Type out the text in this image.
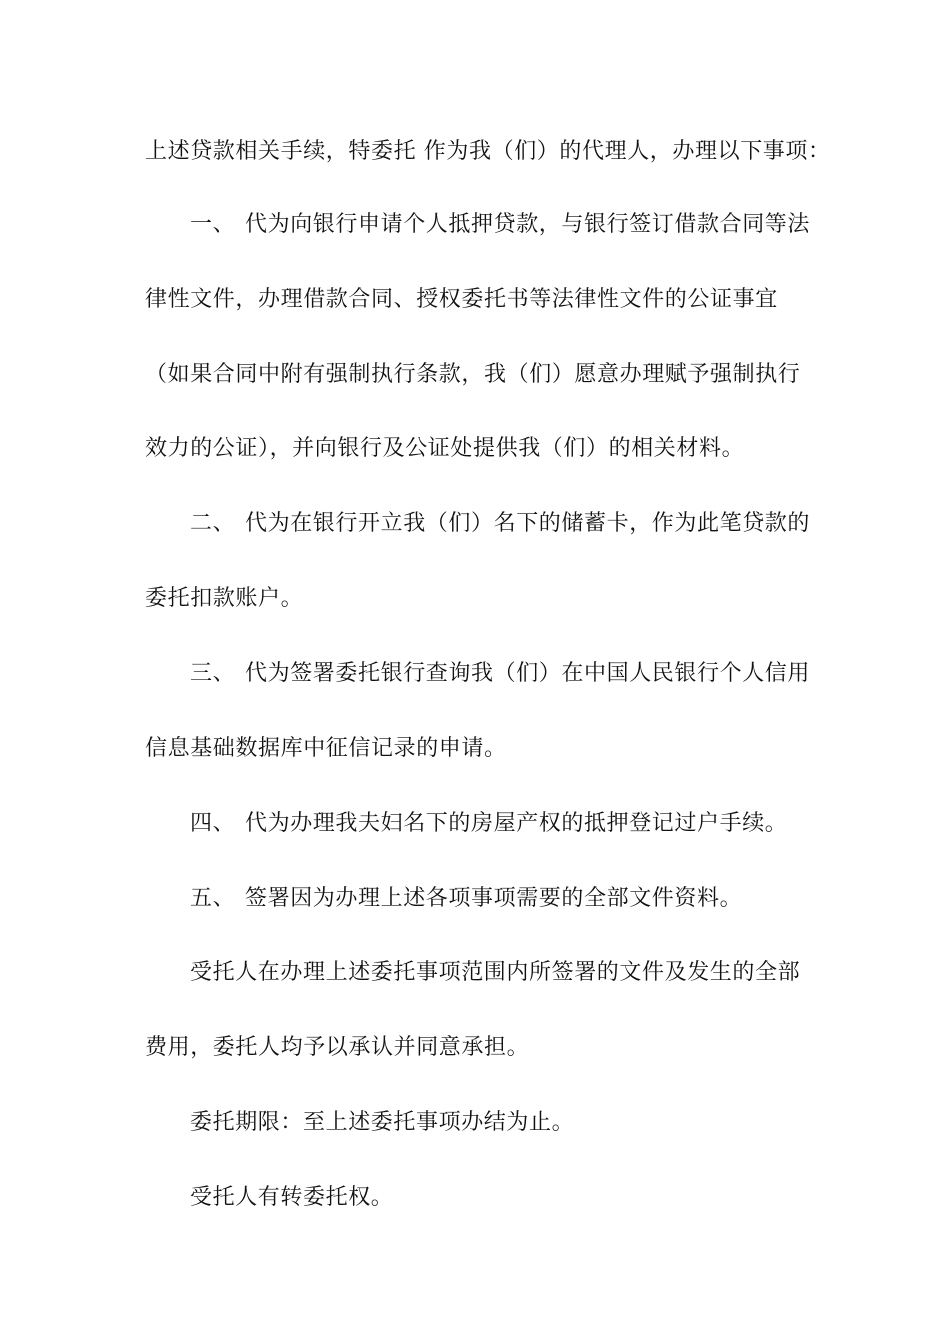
上述贷款相关手续，特委托 作为我（们）的代理人，办理以下事项：
一、 代为向银行申请个人抵押贷款，与银行签订借款合同等法
律性文件，办理借款合同、授权委托书等法律性文件的公证事宜
（如果合同中附有强制执行条款，我（们）愿意办理赋予强制执行
效力的公证），并向银行及公证处提供我（们）的相关材料。
二、 代为在银行开立我（们）名下的储蓄卡，作为此笔贷款的
委托扣款账户。
三、 代为签署委托银行查询我（们）在中国人民银行个人信用
信息基础数据库中征信记录的申请。
四、 代为办理我夫妇名下的房屋产权的抵押登记过户手续。
五、 签署因为办理上述各项事项需要的全部文件资料。
受托人在办理上述委托事项范围内所签署的文件及发生的全部
费用，委托人均予以承认并同意承担。
委托期限：至上述委托事项办结为止。
受托人有转委托权。
